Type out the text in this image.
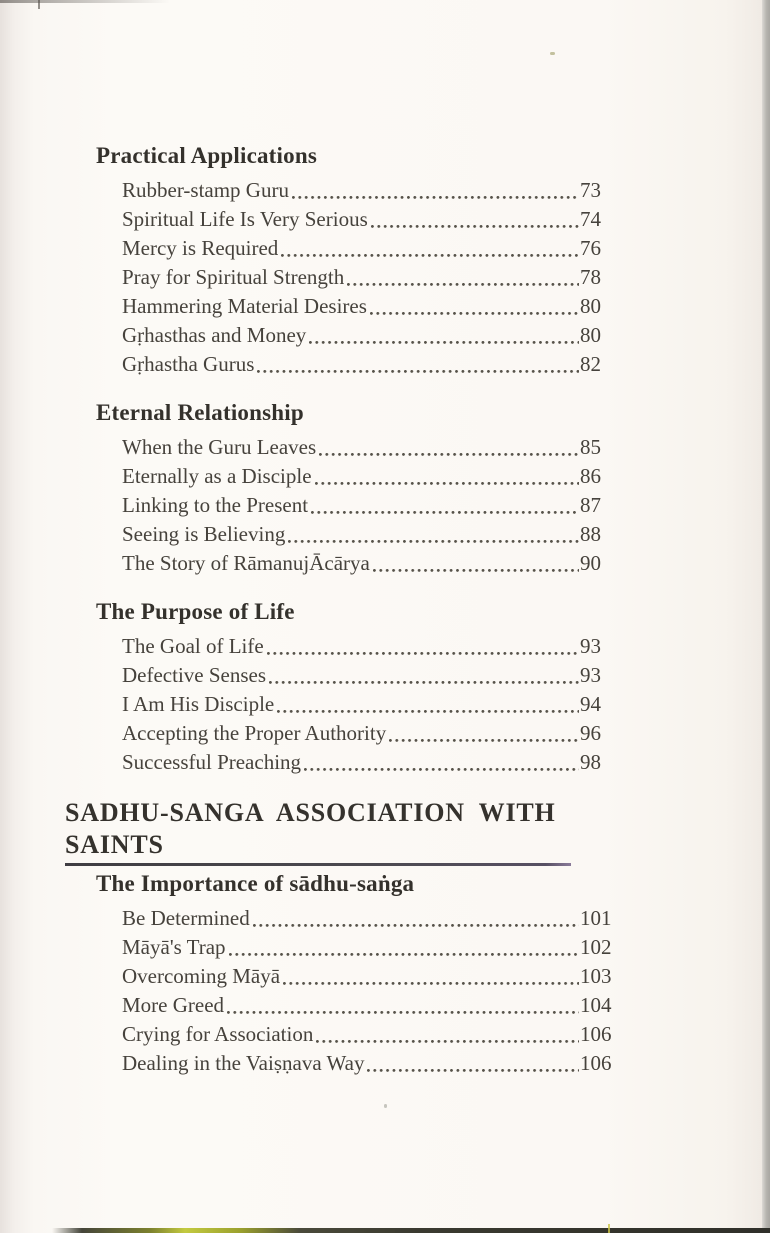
Practical Applications
Rubber-stamp Guru	73
Spiritual Life Is Very Serious	74
Mercy is Required	76
Pray for Spiritual Strength	78
Hammering Material Desires	80
Gṛhasthas and Money	80
Gṛhastha Gurus	82
Eternal Relationship
When the Guru Leaves	85
Eternally as a Disciple	86
Linking to the Present	87
Seeing is Believing	88
The Story of RāmanujĀcārya	90
The Purpose of Life
The Goal of Life	93
Defective Senses	93
I Am His Disciple	94
Accepting the Proper Authority	96
Successful Preaching	98
SADHU-SANGA ASSOCIATION WITH
SAINTS
The Importance of sādhu-saṅga
Be Determined	101
Māyā's Trap	102
Overcoming Māyā	103
More Greed	104
Crying for Association	106
Dealing in the Vaiṣṇava Way	106
